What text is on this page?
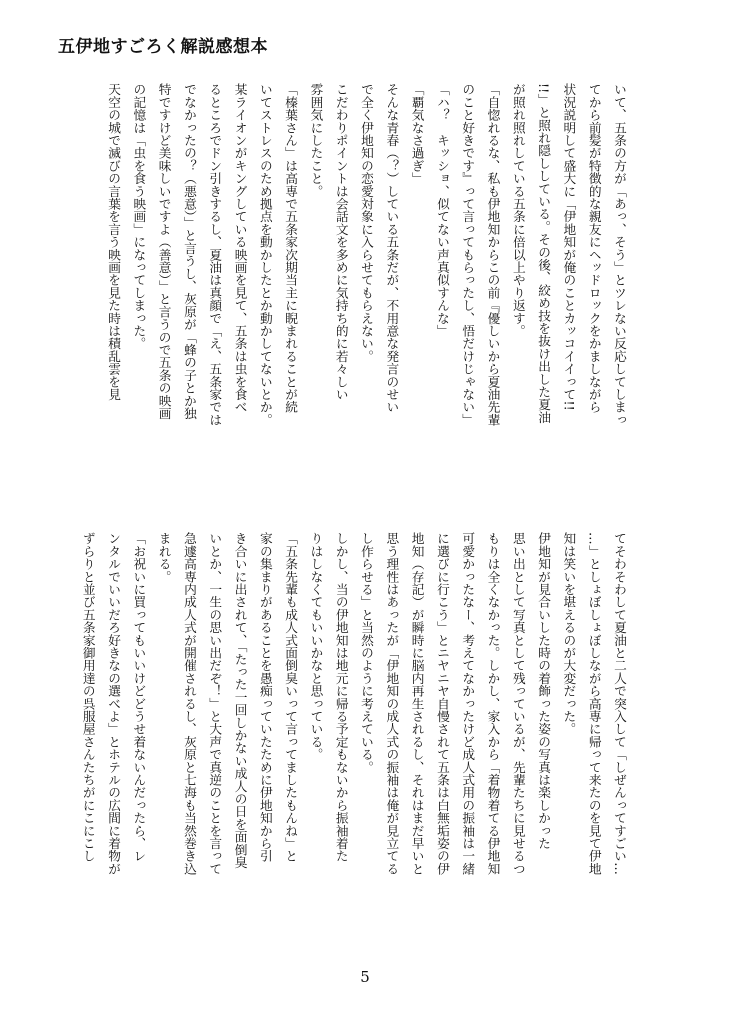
五伊地すごろく解説感想本

いて、五条の方が「あっ、そう」とツレない反応してしまっ

てから前髪が特徴的な親友にヘッドロックをかましながら

状況説明して盛大に「伊地知が俺のことカッコイイって!!

!!」と照れ隠ししている。その後、絞め技を抜け出した夏油

が照れ照れしている五条に倍以上やり返す。

「自惚れるな、私も伊地知からこの前『優しいから夏油先輩

のこと好きです』って言ってもらったし、悟だけじゃない」

「ハ？　キッショ、似てない声真似すんな」

「覇気なさ過ぎ」

そんな青春（？）している五条だが、不用意な発言のせい

で全く伊地知の恋愛対象に入らせてもらえない。

こだわりポイントは会話文を多めに気持ち的に若々しい

雰囲気にしたこと。

「榛葉さん」は高専で五条家次期当主に睨まれることが続

いてストレスのため拠点を動かしたとか動かしてないとか。

某ライオンがキングしている映画を見て、五条は虫を食べ

るところでドン引きするし、夏油は真顔で「え、五条家では

でなかったの？（悪意）」と言うし、灰原が「蜂の子とか独

特ですけど美味しいですよ（善意）」と言うので五条の映画

の記憶は「虫を食う映画」になってしまった。

天空の城で滅びの言葉を言う映画を見た時は積乱雲を見

てそわそわして夏油と二人で突入して「しぜんってすごい…

…」としょぼしょぼしながら高専に帰って来たのを見て伊地

知は笑いを堪えるのが大変だった。

伊地知が見合いした時の着飾った姿の写真は楽しかった

思い出として写真として残っているが、先輩たちに見せるつ

もりは全くなかった。しかし、家入から「着物着てる伊地知

可愛かったなー、考えてなかったけど成人式用の振袖は一緒

に選びに行こう」とニヤニヤ自慢されて五条は白無垢姿の伊

地知（存記）が瞬時に脳内再生されるし、それはまだ早いと

思う理性はあったが「伊地知の成人式の振袖は俺が見立てる

し作らせる」と当然のように考えている。

しかし、当の伊地知は地元に帰る予定もないから振袖着た

りはしなくてもいいかなと思っている。

「五条先輩も成人式面倒臭いって言ってましたもんね」と

家の集まりがあることを愚痴っていたために伊地知から引

き合いに出されて、「たった一回しかない成人の日を面倒臭

いとか、一生の思い出だぞ！」と大声で真逆のことを言って

急遽高専内成人式が開催されるし、灰原と七海も当然巻き込

まれる。

「お祝いに買ってもいいけどどうせ着ないんだったら、レ

ンタルでいいだろ好きなの選べよ」とホテルの広間に着物が

ずらりと並び五条家御用達の呉服屋さんたちがにこにこし

5
